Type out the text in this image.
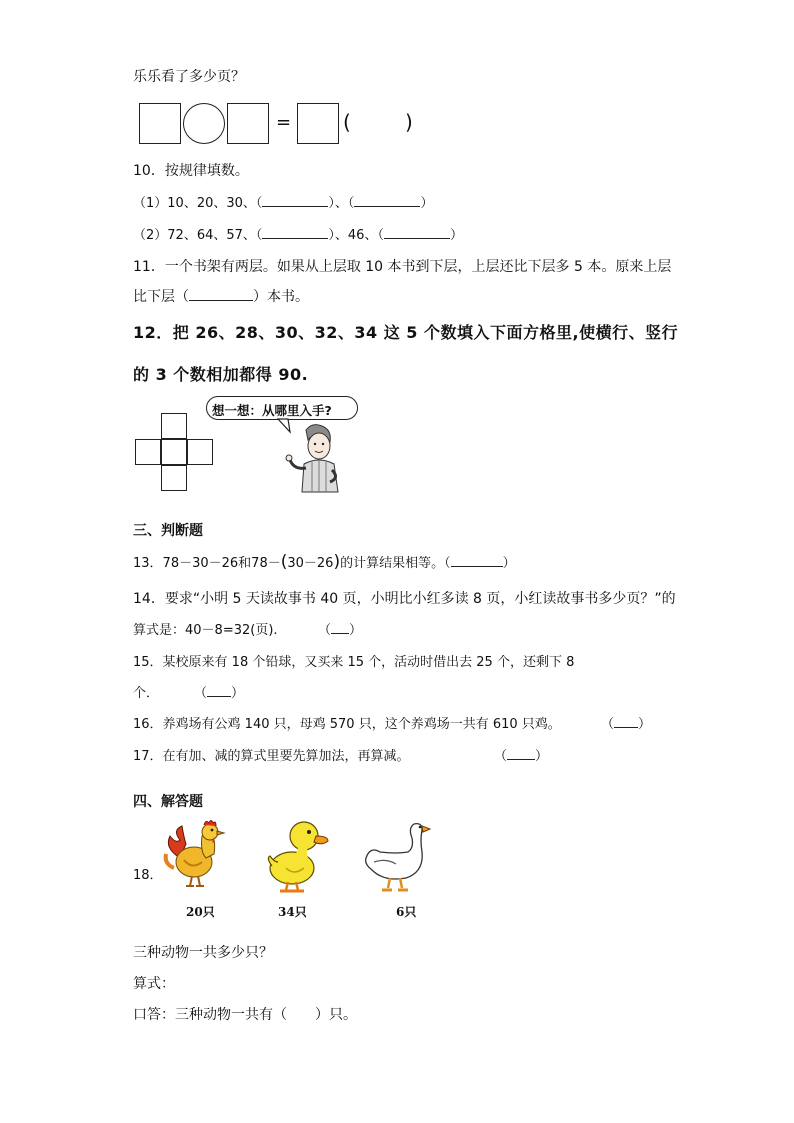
乐乐看了多少页？
=	(	)
10．按规律填数。
（1）10、20、30、（	）、（	）
（2）72、64、57、（	）、46、（	）
11．一个书架有两层。如果从上层取 10 本书到下层，上层还比下层多 5 本。原来上层
比下层（	）本书。
12．把 26、28、30、32、34 这 5 个数填入下面方格里,使横行、竖行
的 3 个数相加都得 90.
想一想：从哪里入手?
三、判断题
13．78－30－26和78－(30－26)的计算结果相等。（	）
14．要求“小明 5 天读故事书 40 页，小明比小红多读 8 页，小红读故事书多少页？”的
算式是：40－8=32(页).	（ ）
15．某校原来有 18 个铅球，又买来 15 个，活动时借出去 25 个，还剩下 8
个．	（ ）
16．养鸡场有公鸡 140 只，母鸡 570 只，这个养鸡场一共有 610 只鸡。	（ ）
17．在有加、减的算式里要先算加法，再算减。	（ ）
四、解答题
18．
20只	34只	6只
三种动物一共多少只？
算式：
口答：三种动物一共有（　　）只。
